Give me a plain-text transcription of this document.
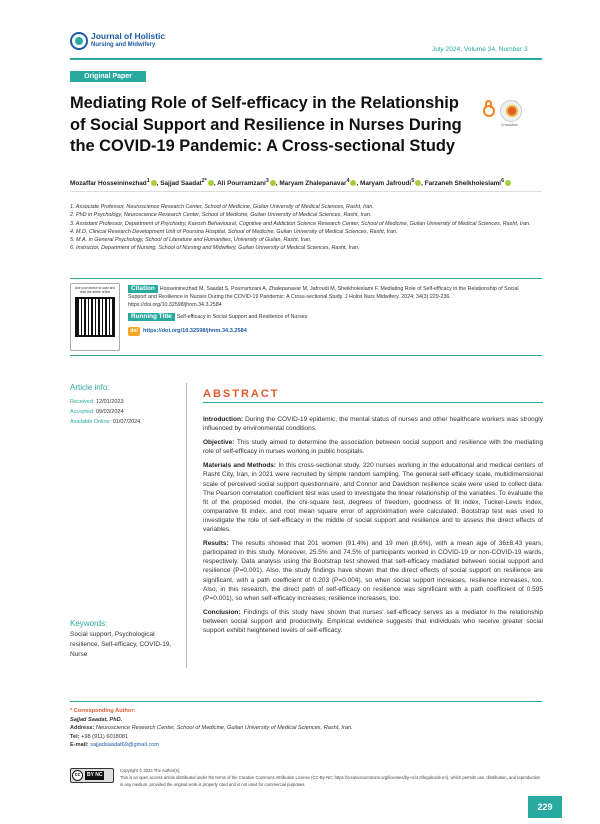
Journal of Holistic
Nursing and Midwifery
July 2024, Volume 34, Number 3
Original Paper
Mediating Role of Self-efficacy in the Relationship of Social Support and Resilience in Nurses During the COVID-19 Pandemic: A Cross-sectional Study
CrossMark
Mozaffar Hosseininezhad$^1$ , Sajjad Saadat$^{2*}$ , Ali Pourramzani$^3$ , Maryam Zhalepanavar$^4$ , Maryam Jafroudi$^5$ , Farzaneh Sheikholeslami$^6$
1. Associate Professor, Neuroscience Research Center, School of Medicine, Guilan University of Medical Sciences, Rasht, Iran.
2. PhD in Psychology, Neuroscience Research Center, School of Medicine, Guilan University of Medical Sciences, Rasht, Iran.
3. Assistant Professor, Department of Psychiatry, Kavosh Behavioural, Cognitive and Addiction Science Research Center, School of Medicine, Guilan University of Medical Sciences, Rasht, Iran.
4. M.D, Clinical Research Development Unit of Poursina Hospital, School of Medicine, Guilan University of Medical Sciences, Rasht, Iran.
5. M.A. in General Psychology, School of Literature and Humanities, University of Guilan, Rasht, Iran.
6. Instructor, Department of Nursing, School of Nursing and Midwifery, Guilan University of Medical Sciences, Rasht, Iran.
Use your device to scan and read the article online	Citation Hosseininezhad M, Saadat S, Pourramzani A, Zhalepanavar M, Jafroudi M, Sheikholeslami F. Mediating Role of Self-efficacy in the Relationship of Social Support and Resilience in Nurses During the COVID-19 Pandemic: A Cross-sectional Study. J Holist Nurs Midwifery. 2024; 34(3):229-236. https://doi.org/10.32598/jhnm.34.3.2584
Running Title Self-efficacy in Social Support and Resilience of Nurses
doi https://doi.org/10.32598/jhnm.34.3.2584
Article info:
Received: 12/01/2023
Accepted: 09/03/2024
Available Online: 01/07/2024
Keywords:
Social support, Psychological resilience, Self-efficacy, COVID-19, Nurse
ABSTRACT

Introduction: During the COVID-19 epidemic, the mental status of nurses and other healthcare workers was strongly influenced by environmental conditions.

Objective: This study aimed to determine the association between social support and resilience with the mediating role of self-efficacy in nurses working in public hospitals.

Materials and Methods: In this cross-sectional study, 220 nurses working in the educational and medical centers of Rasht City, Iran, in 2021 were recruited by simple random sampling. The general self-efficacy scale, multidimensional scale of perceived social support questionnaire, and Connor and Davidson resilience scale were used to collect data. The Pearson correlation coefficient test was used to investigate the linear relationship of the variables. To evaluate the fit of the proposed model, the chi-square test, degrees of freedom, goodness of fit index, Tucker-Lewis index, comparative fit index, and root mean square error of approximation were calculated. Bootstrap test was used to investigate the role of self-efficacy in the middle of social support and resilience and to assess the direct effects of variables.

Results: The results showed that 201 women (91.4%) and 19 men (8.6%), with a mean age of 36±8.43 years, participated in this study. Moreover, 25.5% and 74.5% of participants worked in COVID-19 or non-COVID-19 wards, respectively. Data analysis using the Bootstrap test showed that self-efficacy mediated between social support and resilience (P=0.001). Also, the study findings have shown that the direct effects of social support on resilience are significant, with a path coefficient of 0.203 (P=0.004), so when social support increases, resilience increases, too. Also, in this research, the direct path of self-efficacy on resilience was significant with a path coefficient of 0.595 (P=0.001), so when self-efficacy increases, resilience increases, too.

Conclusion: Findings of this study have shown that nurses' self-efficacy serves as a mediator in the relationship between social support and productivity. Empirical evidence suggests that individuals who receive greater social support exhibit heightened levels of self-efficacy.

* Corresponding Author:
Sajjad Saadat, PhD.
Address: Neuroscience Research Center, School of Medicine, Guilan University of Medical Sciences, Rasht, Iran.
Tel: +98 (911) 6018081
E-mail: sajjadsaadat69@gmail.com
cc	BY NC
Copyright © 2024 The Author(s);
This is an open access article distributed under the terms of the Creative Commons Attribution License (CC-By-NC: https://creativecommons.org/licenses/by-nc/4.0/legalcode.en), which permits use, distribution, and reproduction in any medium, provided the original work is properly cited and is not used for commercial purposes.
229
